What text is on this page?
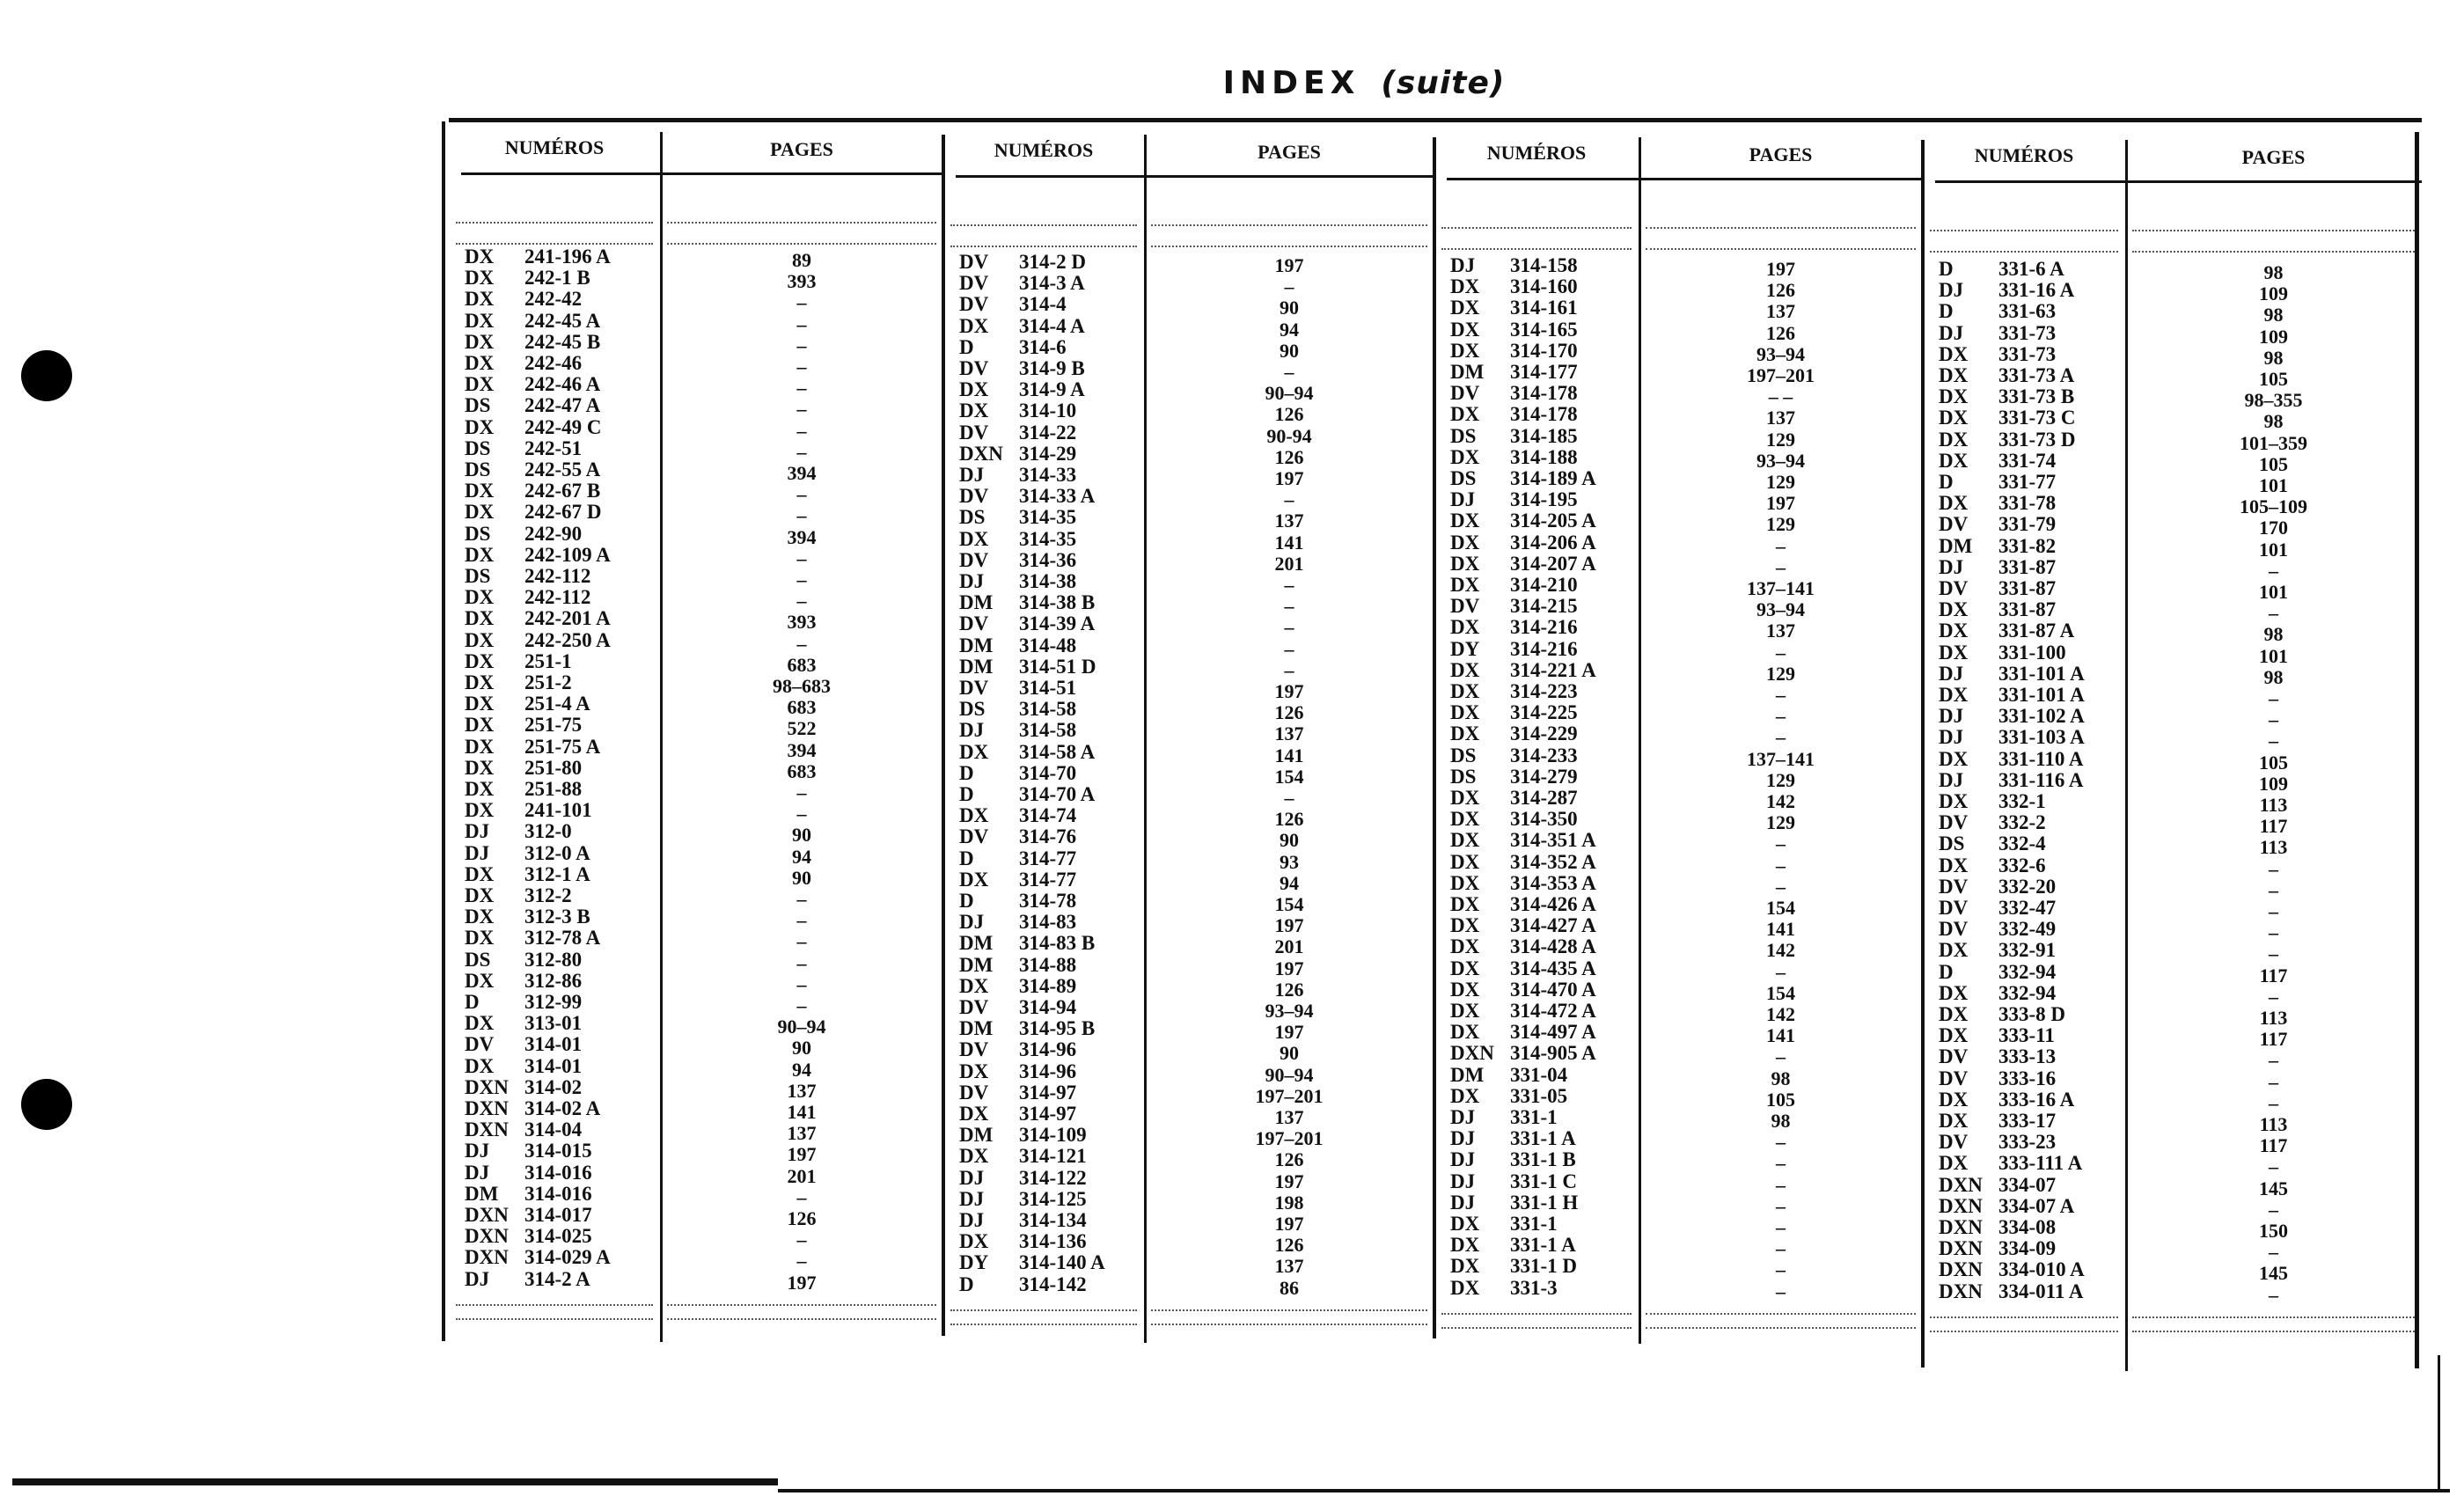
INDEX (suite)
NUMÉROS	PAGES
DX 241-196 A	89
DX 242-1 B	393
DX 242-42	–
DX 242-45 A	–
DX 242-45 B	–
DX 242-46	–
DX 242-46 A	–
DS 242-47 A	–
DX 242-49 C	–
DS 242-51	–
DS 242-55 A	394
DX 242-67 B	–
DX 242-67 D	–
DS 242-90	394
DX 242-109 A	–
DS 242-112	–
DX 242-112	–
DX 242-201 A	393
DX 242-250 A	–
DX 251-1	683
DX 251-2	98–683
DX 251-4 A	683
DX 251-75	522
DX 251-75 A	394
DX 251-80	683
DX 251-88	–
DX 241-101	–
DJ 312-0	90
DJ 312-0 A	94
DX 312-1 A	90
DX 312-2	–
DX 312-3 B	–
DX 312-78 A	–
DS 312-80	–
DX 312-86	–
D 312-99	–
DX 313-01	90–94
DV 314-01	90
DX 314-01	94
DXN 314-02	137
DXN 314-02 A	141
DXN 314-04	137
DJ 314-015	197
DJ 314-016	201
DM 314-016	–
DXN 314-017	126
DXN 314-025	–
DXN 314-029 A	–
DJ 314-2 A	197
NUMÉROS	PAGES
DV 314-2 D	197
DV 314-3 A	–
DV 314-4	90
DX 314-4 A	94
D 314-6	90
DV 314-9 B	–
DX 314-9 A	90–94
DX 314-10	126
DV 314-22	90-94
DXN 314-29	126
DJ 314-33	197
DV 314-33 A	–
DS 314-35	137
DX 314-35	141
DV 314-36	201
DJ 314-38	–
DM 314-38 B	–
DV 314-39 A	–
DM 314-48	–
DM 314-51 D	–
DV 314-51	197
DS 314-58	126
DJ 314-58	137
DX 314-58 A	141
D 314-70	154
D 314-70 A	–
DX 314-74	126
DV 314-76	90
D 314-77	93
DX 314-77	94
D 314-78	154
DJ 314-83	197
DM 314-83 B	201
DM 314-88	197
DX 314-89	126
DV 314-94	93–94
DM 314-95 B	197
DV 314-96	90
DX 314-96	90–94
DV 314-97	197–201
DX 314-97	137
DM 314-109	197–201
DX 314-121	126
DJ 314-122	197
DJ 314-125	198
DJ 314-134	197
DX 314-136	126
DY 314-140 A	137
D 314-142	86
NUMÉROS	PAGES
DJ 314-158	197
DX 314-160	126
DX 314-161	137
DX 314-165	126
DX 314-170	93–94
DM 314-177	197–201
DV 314-178	– –
DX 314-178	137
DS 314-185	129
DX 314-188	93–94
DS 314-189 A	129
DJ 314-195	197
DX 314-205 A	129
DX 314-206 A	–
DX 314-207 A	–
DX 314-210	137–141
DV 314-215	93–94
DX 314-216	137
DY 314-216	–
DX 314-221 A	129
DX 314-223	–
DX 314-225	–
DX 314-229	–
DS 314-233	137–141
DS 314-279	129
DX 314-287	142
DX 314-350	129
DX 314-351 A	–
DX 314-352 A	–
DX 314-353 A	–
DX 314-426 A	154
DX 314-427 A	141
DX 314-428 A	142
DX 314-435 A	–
DX 314-470 A	154
DX 314-472 A	142
DX 314-497 A	141
DXN 314-905 A	–
DM 331-04	98
DX 331-05	105
DJ 331-1	98
DJ 331-1 A	–
DJ 331-1 B	–
DJ 331-1 C	–
DJ 331-1 H	–
DX 331-1	–
DX 331-1 A	–
DX 331-1 D	–
DX 331-3	–
NUMÉROS	PAGES
D 331-6 A	98
DJ 331-16 A	109
D 331-63	98
DJ 331-73	109
DX 331-73	98
DX 331-73 A	105
DX 331-73 B	98–355
DX 331-73 C	98
DX 331-73 D	101–359
DX 331-74	105
D 331-77	101
DX 331-78	105–109
DV 331-79	170
DM 331-82	101
DJ 331-87	–
DV 331-87	101
DX 331-87	–
DX 331-87 A	98
DX 331-100	101
DJ 331-101 A	98
DX 331-101 A	–
DJ 331-102 A	–
DJ 331-103 A	–
DX 331-110 A	105
DJ 331-116 A	109
DX 332-1	113
DV 332-2	117
DS 332-4	113
DX 332-6	–
DV 332-20	–
DV 332-47	–
DV 332-49	–
DX 332-91	–
D 332-94	117
DX 332-94	–
DX 333-8 D	113
DX 333-11	117
DV 333-13	–
DV 333-16	–
DX 333-16 A	–
DX 333-17	113
DV 333-23	117
DX 333-111 A	–
DXN 334-07	145
DXN 334-07 A	–
DXN 334-08	150
DXN 334-09	–
DXN 334-010 A	145
DXN 334-011 A	–
